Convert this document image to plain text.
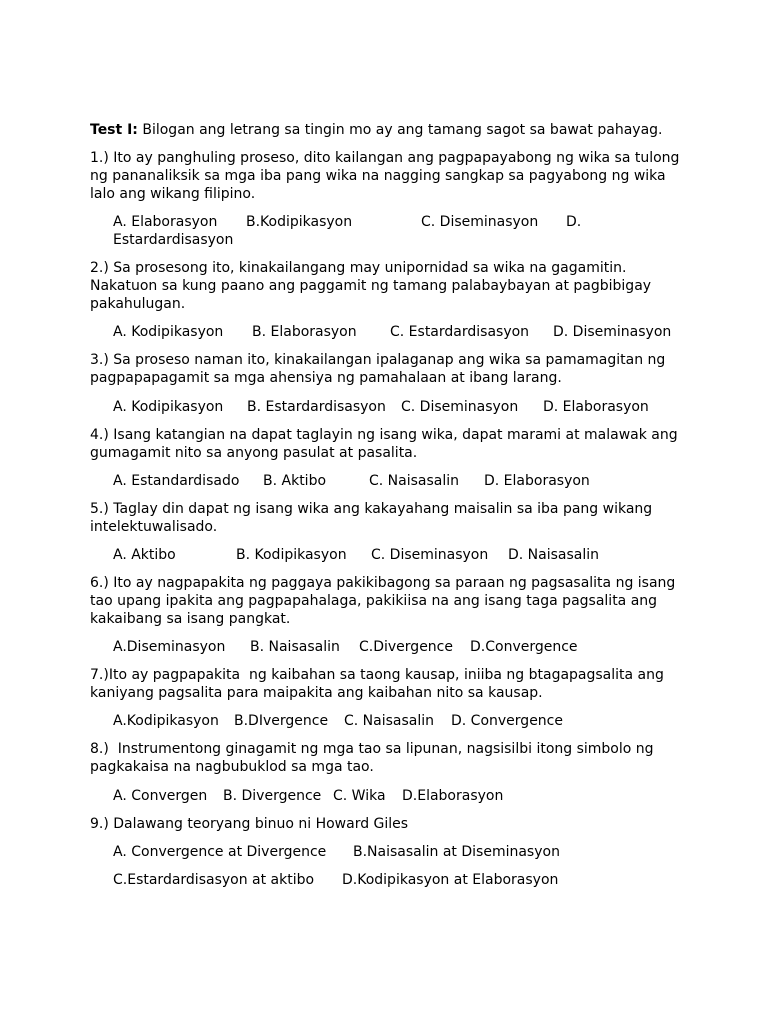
Test I: Bilogan ang letrang sa tingin mo ay ang tamang sagot sa bawat pahayag.
1.) Ito ay panghuling proseso, dito kailangan ang pagpapayabong ng wika sa tulong
ng pananaliksik sa mga iba pang wika na nagging sangkap sa pagyabong ng wika
lalo ang wikang filipino.
A. Elaborasyon B.Kodipikasyon	C. Diseminasyon D.
Estardardisasyon
2.) Sa prosesong ito, kinakailangang may unipornidad sa wika na gagamitin.
Nakatuon sa kung paano ang paggamit ng tamang palabaybayan at pagbibigay
pakahulugan.
A. Kodipikasyon B. Elaborasyon C. Estardardisasyon D. Diseminasyon
3.) Sa proseso naman ito, kinakailangan ipalaganap ang wika sa pamamagitan ng
pagpapapagamit sa mga ahensiya ng pamahalaan at ibang larang.
A. Kodipikasyon B. Estardardisasyon C. Diseminasyon D. Elaborasyon
4.) Isang katangian na dapat taglayin ng isang wika, dapat marami at malawak ang
gumagamit nito sa anyong pasulat at pasalita.
A. Estandardisado B. Aktibo	C. Naisasalin D. Elaborasyon
5.) Taglay din dapat ng isang wika ang kakayahang maisalin sa iba pang wikang
intelektuwalisado.
A. Aktibo	B. Kodipikasyon C. Diseminasyon D. Naisasalin
6.) Ito ay nagpapakita ng paggaya pakikibagong sa paraan ng pagsasalita ng isang
tao upang ipakita ang pagpapahalaga, pakikiisa na ang isang taga pagsalita ang
kakaibang sa isang pangkat.
A.Diseminasyon B. Naisasalin C.Divergence D.Convergence
7.)Ito ay pagpapakita  ng kaibahan sa taong kausap, iniiba ng btagapagsalita ang
kaniyang pagsalita para maipakita ang kaibahan nito sa kausap.
A.Kodipikasyon B.DIvergence C. Naisasalin D. Convergence
8.)  Instrumentong ginagamit ng mga tao sa lipunan, nagsisilbi itong simbolo ng
pagkakaisa na nagbubuklod sa mga tao.
A. Convergen B. Divergence C. Wika D.Elaborasyon
9.) Dalawang teoryang binuo ni Howard Giles
A. Convergence at Divergence B.Naisasalin at Diseminasyon
C.Estardardisasyon at aktibo D.Kodipikasyon at Elaborasyon
